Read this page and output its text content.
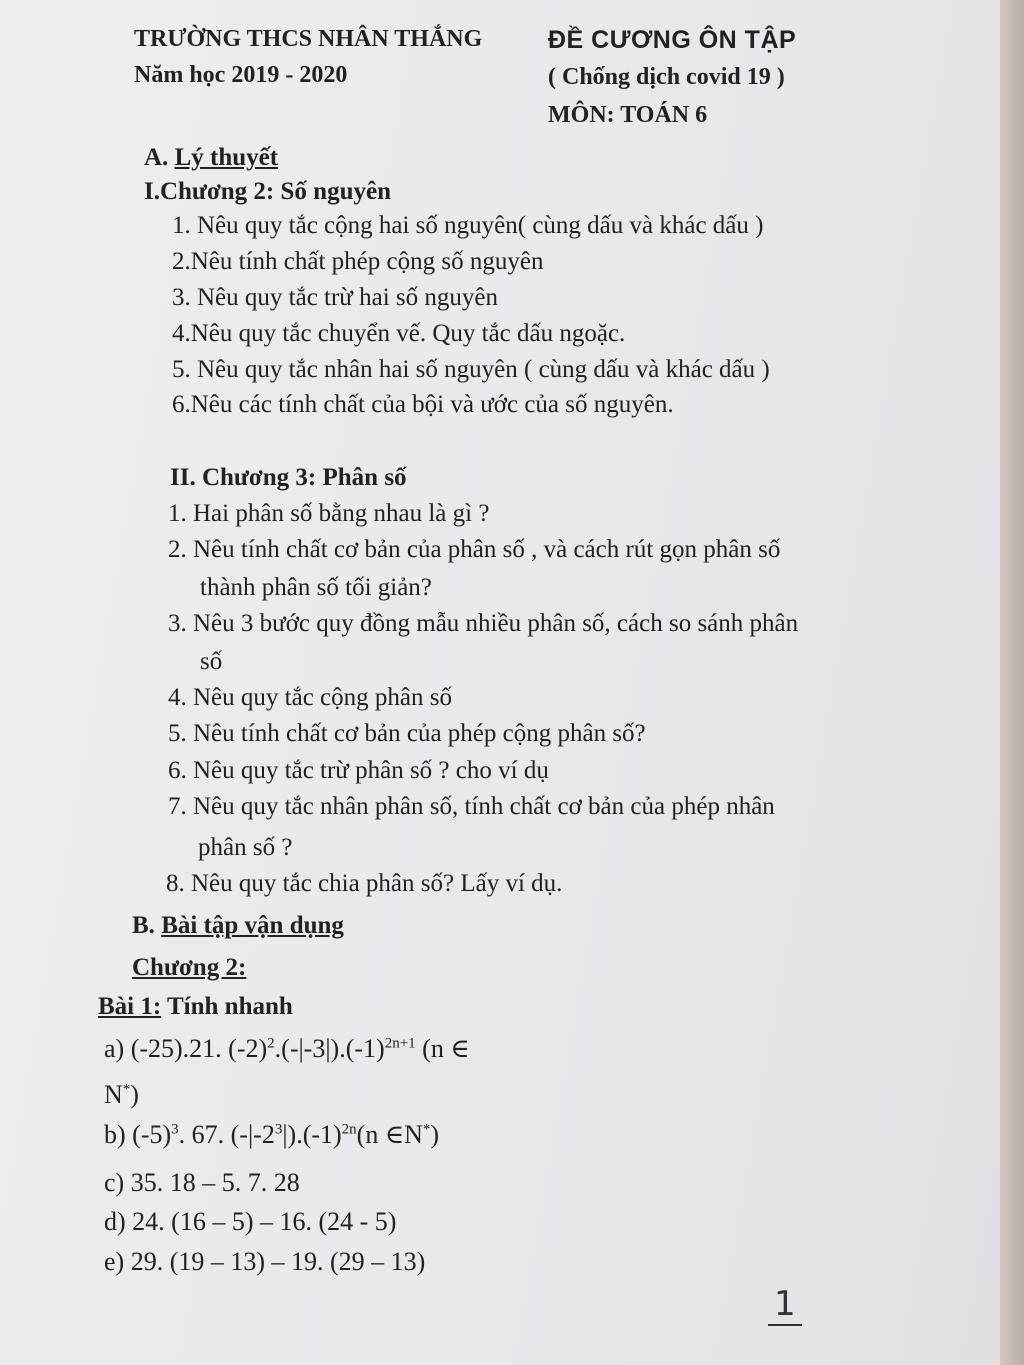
TRƯỜNG THCS NHÂN THẮNG
Năm học 2019 - 2020
ĐỀ CƯƠNG ÔN TẬP
( Chống dịch covid 19 )
MÔN: TOÁN 6
A. Lý thuyết
I.Chương 2: Số nguyên
1. Nêu quy tắc cộng hai số nguyên( cùng dấu và khác dấu )
2.Nêu tính chất phép cộng số nguyên
3. Nêu quy tắc trừ hai số nguyên
4.Nêu quy tắc chuyển vế. Quy tắc dấu ngoặc.
5. Nêu quy tắc nhân hai số nguyên ( cùng dấu và khác dấu )
6.Nêu các tính chất của bội và ước của số nguyên.
II. Chương 3: Phân số
1. Hai phân số bằng nhau là gì ?
2. Nêu tính chất cơ bản của phân số , và cách rút gọn phân số
thành phân số tối giản?
3. Nêu 3 bước quy đồng mẫu nhiều phân số, cách so sánh phân
số
4. Nêu quy tắc cộng phân số
5. Nêu tính chất cơ bản của phép cộng phân số?
6. Nêu quy tắc trừ phân số ? cho ví dụ
7. Nêu quy tắc nhân phân số, tính chất cơ bản của phép nhân
phân số ?
8. Nêu quy tắc chia phân số? Lấy ví dụ.
B. Bài tập vận dụng
Chương 2:
Bài 1: Tính nhanh
a) (-25).21. $(-2)^2.(-|-3|).(-1)^{2n+1}$ (n ∈
N*)
b) $(-5)^3$. 67. $(-|-2^3|).(-1)^{2n}(n$ ∈N*)
c) 35. 18 – 5. 7. 28
d) 24. (16 – 5) – 16. (24 - 5)
e) 29. (19 – 13) – 19. (29 – 13)
1
